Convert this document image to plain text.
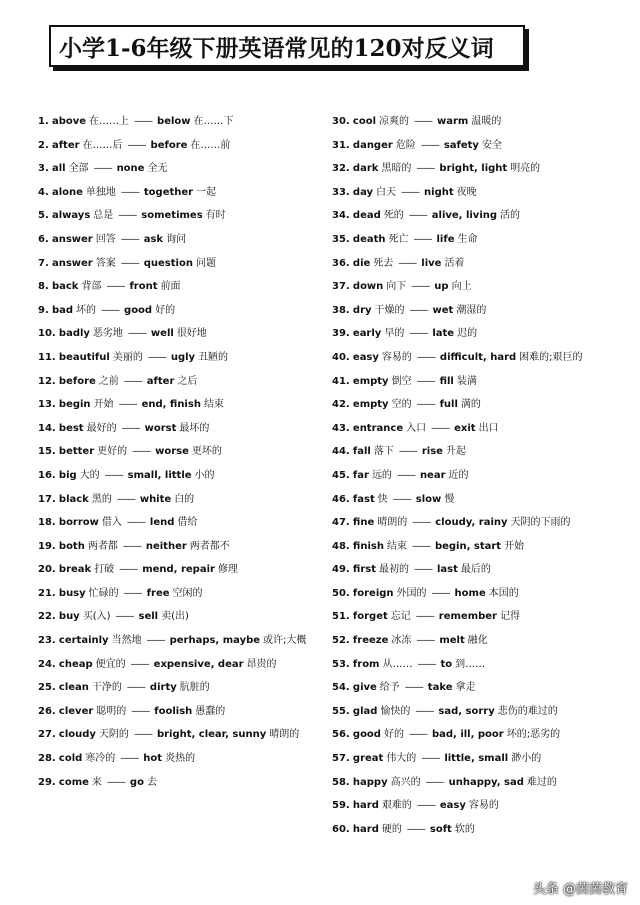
小学1-6年级下册英语常见的120对反义词
1. above 在……上 —— below 在……下
2. after 在……后 —— before 在……前
3. all 全部 —— none 全无
4. alone 单独地 —— together 一起
5. always 总是 —— sometimes 有时
6. answer 回答 —— ask 询问
7. answer 答案 —— question 问题
8. back 背部 —— front 前面
9. bad 坏的 —— good 好的
10. badly 恶劣地 —— well 很好地
11. beautiful 美丽的 —— ugly 丑陋的
12. before 之前 —— after 之后
13. begin 开始 —— end, finish 结束
14. best 最好的 —— worst 最坏的
15. better 更好的 —— worse 更坏的
16. big 大的 —— small, little 小的
17. black 黑的 —— white 白的
18. borrow 借入 —— lend 借给
19. both 两者都 —— neither 两者都不
20. break 打破 —— mend, repair 修理
21. busy 忙碌的 —— free 空闲的
22. buy 买(入) —— sell 卖(出)
23. certainly 当然地 —— perhaps, maybe 或许;大概
24. cheap 便宜的 —— expensive, dear 昂贵的
25. clean 干净的 —— dirty 肮脏的
26. clever 聪明的 —— foolish 愚蠢的
27. cloudy 天阴的 —— bright, clear, sunny 晴朗的
28. cold 寒冷的 —— hot 炎热的
29. come 来 —— go 去
30. cool 凉爽的 —— warm 温暖的
31. danger 危险 —— safety 安全
32. dark 黑暗的 —— bright, light 明亮的
33. day 白天 —— night 夜晚
34. dead 死的 —— alive, living 活的
35. death 死亡 —— life 生命
36. die 死去 —— live 活着
37. down 向下 —— up 向上
38. dry 干燥的 —— wet 潮湿的
39. early 早的 —— late 迟的
40. easy 容易的 —— difficult, hard 困难的;艰巨的
41. empty 倒空 —— fill 装满
42. empty 空的 —— full 满的
43. entrance 入口 —— exit 出口
44. fall 落下 —— rise 升起
45. far 远的 —— near 近的
46. fast 快 —— slow 慢
47. fine 晴朗的 —— cloudy, rainy 天阴的下雨的
48. finish 结束 —— begin, start 开始
49. first 最初的 —— last 最后的
50. foreign 外国的 —— home 本国的
51. forget 忘记 —— remember 记得
52. freeze 冰冻 —— melt 融化
53. from 从…… —— to 到……
54. give 给予 —— take 拿走
55. glad 愉快的 —— sad, sorry 悲伤的难过的
56. good 好的 —— bad, ill, poor 坏的;恶劣的
57. great 伟大的 —— little, small 渺小的
58. happy 高兴的 —— unhappy, sad 难过的
59. hard 艰难的 —— easy 容易的
60. hard 硬的 —— soft 软的
头条 @茵茵教育
